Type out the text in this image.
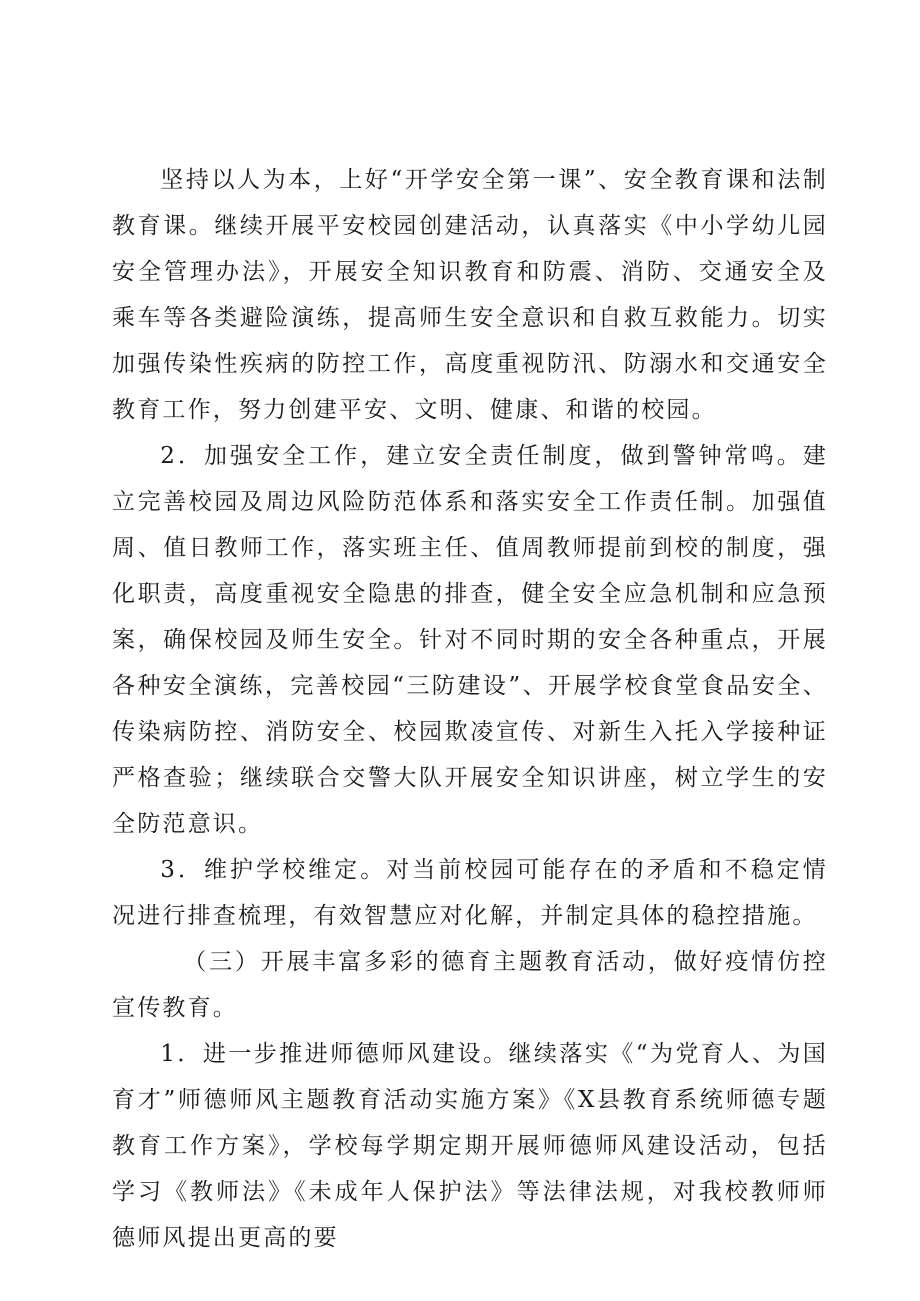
坚持以人为本，上好“开学安全第一课”、安全教育课和法制教育课。继续开展平安校园创建活动，认真落实《中小学幼儿园安全管理办法》，开展安全知识教育和防震、消防、交通安全及乘车等各类避险演练，提高师生安全意识和自救互救能力。切实加强传染性疾病的防控工作，高度重视防汛、防溺水和交通安全教育工作，努力创建平安、文明、健康、和谐的校园。

2．加强安全工作，建立安全责任制度，做到警钟常鸣。建立完善校园及周边风险防范体系和落实安全工作责任制。加强值周、值日教师工作，落实班主任、值周教师提前到校的制度，强化职责，高度重视安全隐患的排查，健全安全应急机制和应急预案，确保校园及师生安全。针对不同时期的安全各种重点，开展各种安全演练，完善校园“三防建设”、开展学校食堂食品安全、传染病防控、消防安全、校园欺凌宣传、对新生入托入学接种证严格查验；继续联合交警大队开展安全知识讲座，树立学生的安全防范意识。

3．维护学校维定。对当前校园可能存在的矛盾和不稳定情况进行排查梳理，有效智慧应对化解，并制定具体的稳控措施。

（三）开展丰富多彩的德育主题教育活动，做好疫情仿控宣传教育。

1．进一步推进师德师风建设。继续落实《“为党育人、为国育才”师德师风主题教育活动实施方案》《X县教育系统师德专题教育工作方案》，学校每学期定期开展师德师风建设活动，包括学习《教师法》《未成年人保护法》等法律法规，对我校教师师德师风提出更高的要
